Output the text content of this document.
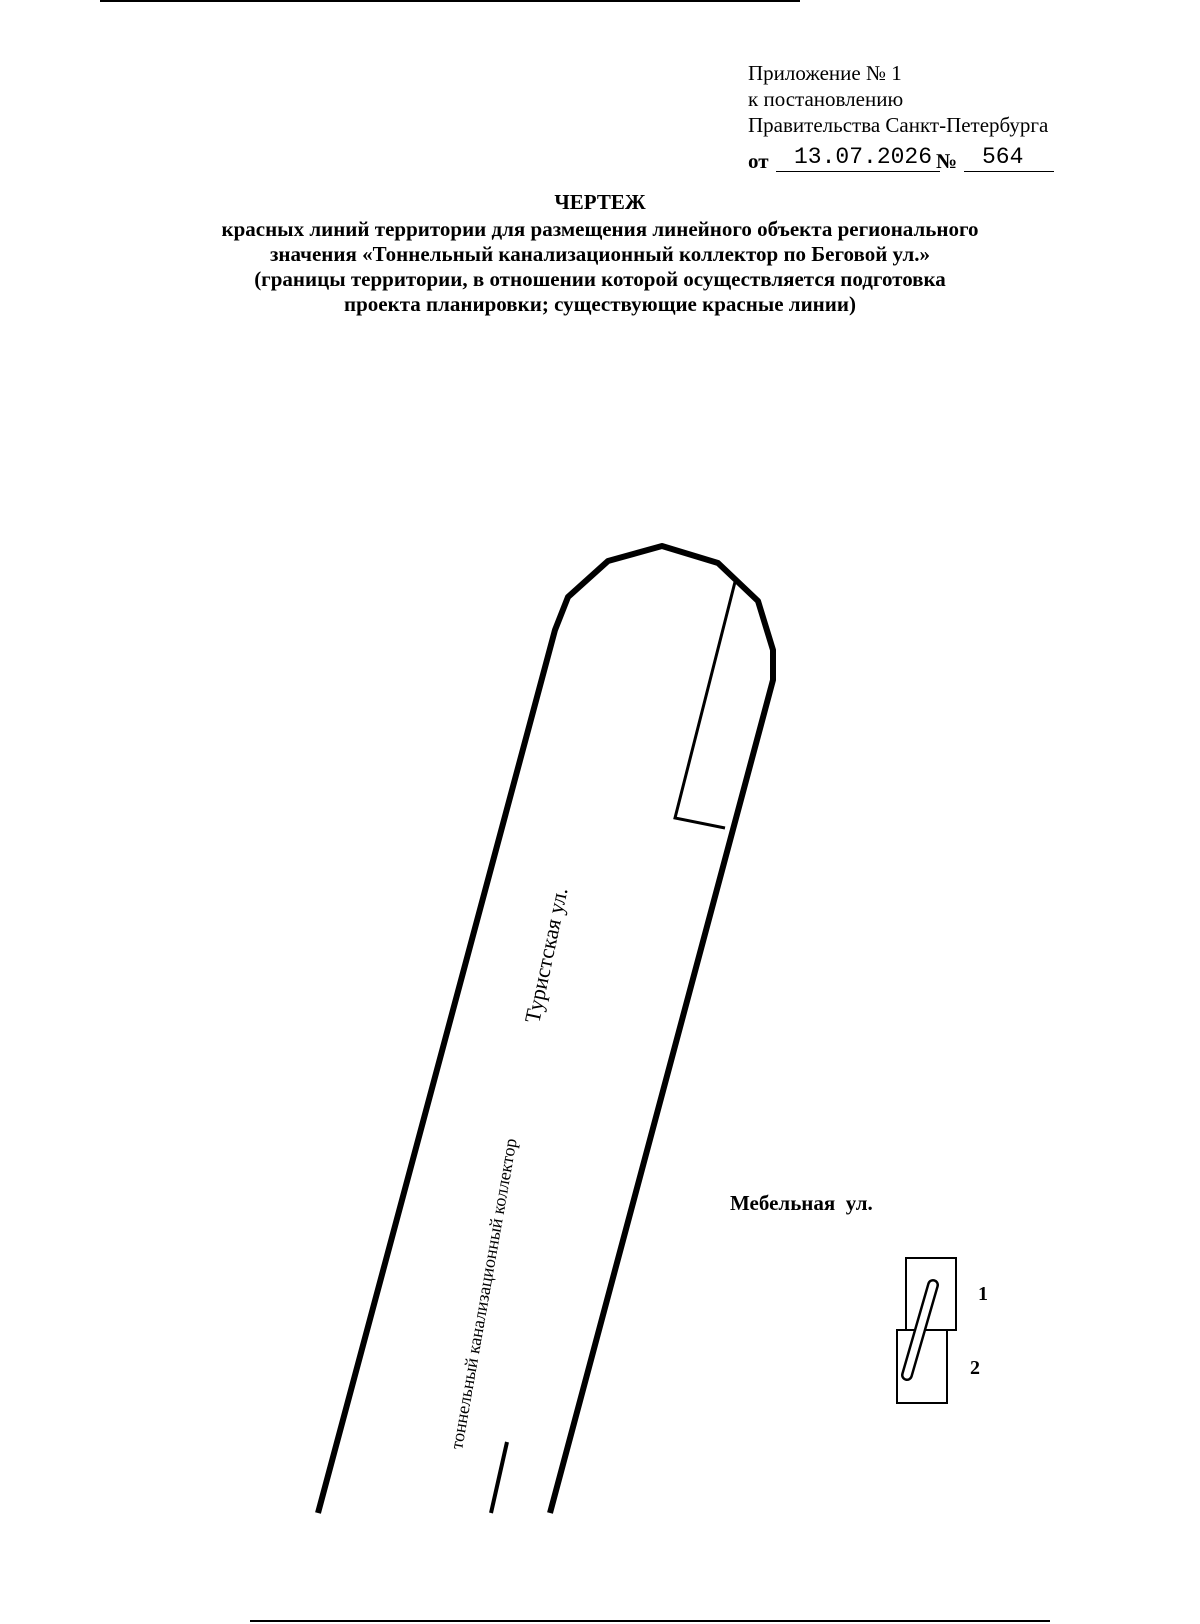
Приложение № 1
к постановлению
Правительства Санкт-Петербурга
от	13.07.2026 №	564
ЧЕРТЕЖ
красных линий территории для размещения линейного объекта регионального
значения «Тоннельный канализационный коллектор по Беговой ул.»
(границы территории, в отношении которой осуществляется подготовка
проекта планировки; существующие красные линии)
Туристская ул.
тоннельный канализационный коллектор	Мебельная  ул.
1
2
